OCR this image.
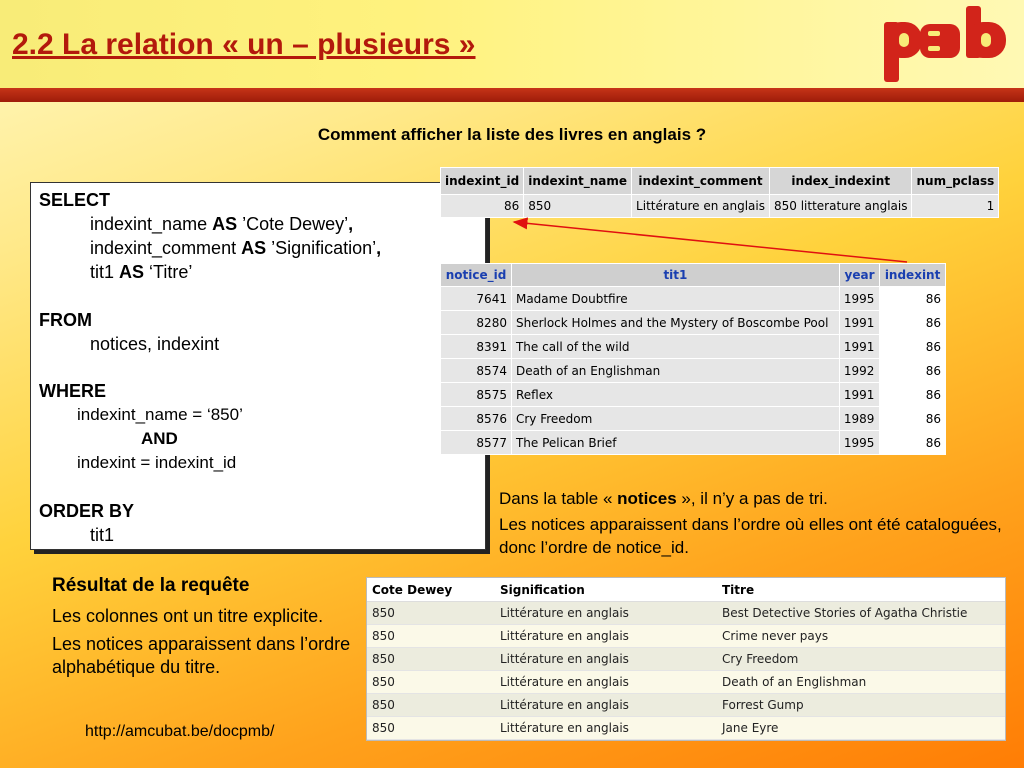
2.2 La relation « un – plusieurs »
Comment afficher la liste des livres en anglais ?
SELECT
indexint_name AS ’Cote Dewey’,
indexint_comment AS ’Signification’,
tit1 AS ‘Titre’
FROM
notices, indexint
WHERE
indexint_name = ‘850’
AND
indexint = indexint_id
ORDER BY
tit1
indexint_id	indexint_name	indexint_comment	index_indexint	num_pclass
86	850	Littérature en anglais	850 litterature anglais	1
notice_id	tit1	year	indexint
7641	Madame Doubtfire	1995	86
8280	Sherlock Holmes and the Mystery of Boscombe Pool	1991	86
8391	The call of the wild	1991	86
8574	Death of an Englishman	1992	86
8575	Reflex	1991	86
8576	Cry Freedom	1989	86
8577	The Pelican Brief	1995	86

Dans la table « notices », il n’y a pas de tri.

Les notices apparaissent dans l’ordre où elles ont été cataloguées, donc l’ordre de notice_id.

Résultat de la requête

Les colonnes ont un titre explicite.

Les notices apparaissent dans l’ordre alphabétique du titre.

http://amcubat.be/docpmb/
Cote Dewey	Signification	Titre
850	Littérature en anglais	Best Detective Stories of Agatha Christie
850	Littérature en anglais	Crime never pays
850	Littérature en anglais	Cry Freedom
850	Littérature en anglais	Death of an Englishman
850	Littérature en anglais	Forrest Gump
850	Littérature en anglais	Jane Eyre
